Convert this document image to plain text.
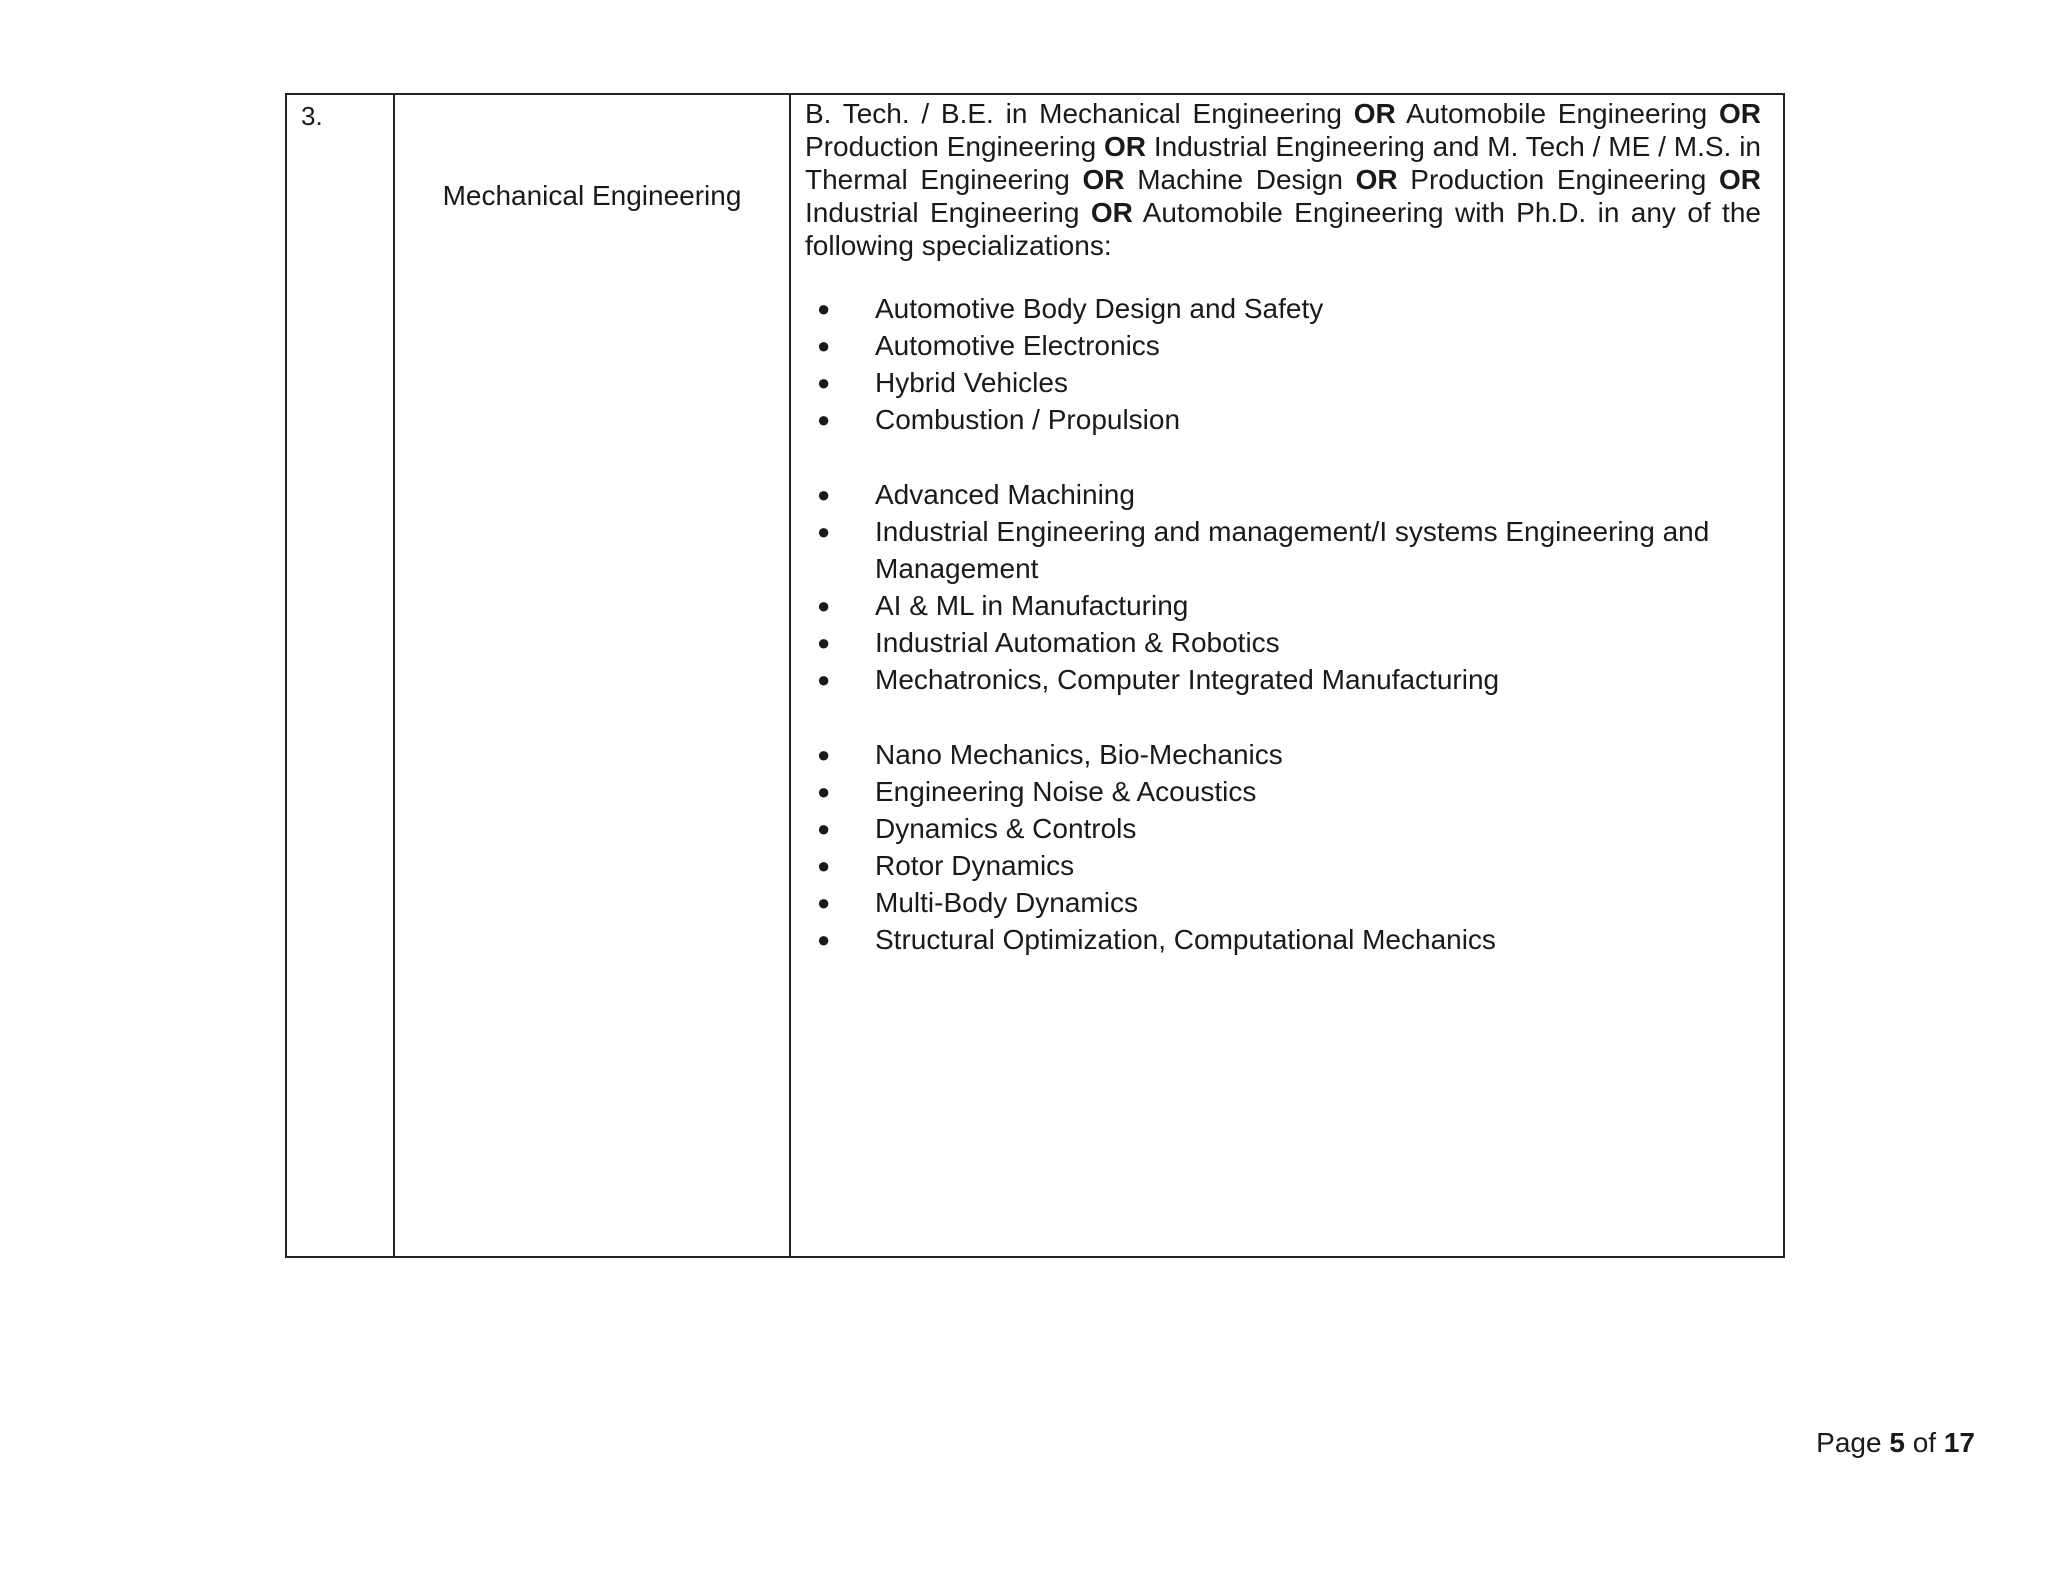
3.

Mechanical Engineering

B. Tech. / B.E. in Mechanical Engineering OR Automobile Engineering OR Production Engineering OR Industrial Engineering and M. Tech / ME / M.S. in Thermal Engineering OR Machine Design OR Production Engineering OR Industrial Engineering OR Automobile Engineering with Ph.D. in any of the following specializations:

● Automotive Body Design and Safety
● Automotive Electronics
● Hybrid Vehicles
● Combustion / Propulsion
● Advanced Machining
● Industrial Engineering and management/I systems Engineering and Management
● AI & ML in Manufacturing
● Industrial Automation & Robotics
● Mechatronics, Computer Integrated Manufacturing
● Nano Mechanics, Bio-Mechanics
● Engineering Noise & Acoustics
● Dynamics & Controls
● Rotor Dynamics
● Multi-Body Dynamics
● Structural Optimization, Computational Mechanics
Page 5 of 17
